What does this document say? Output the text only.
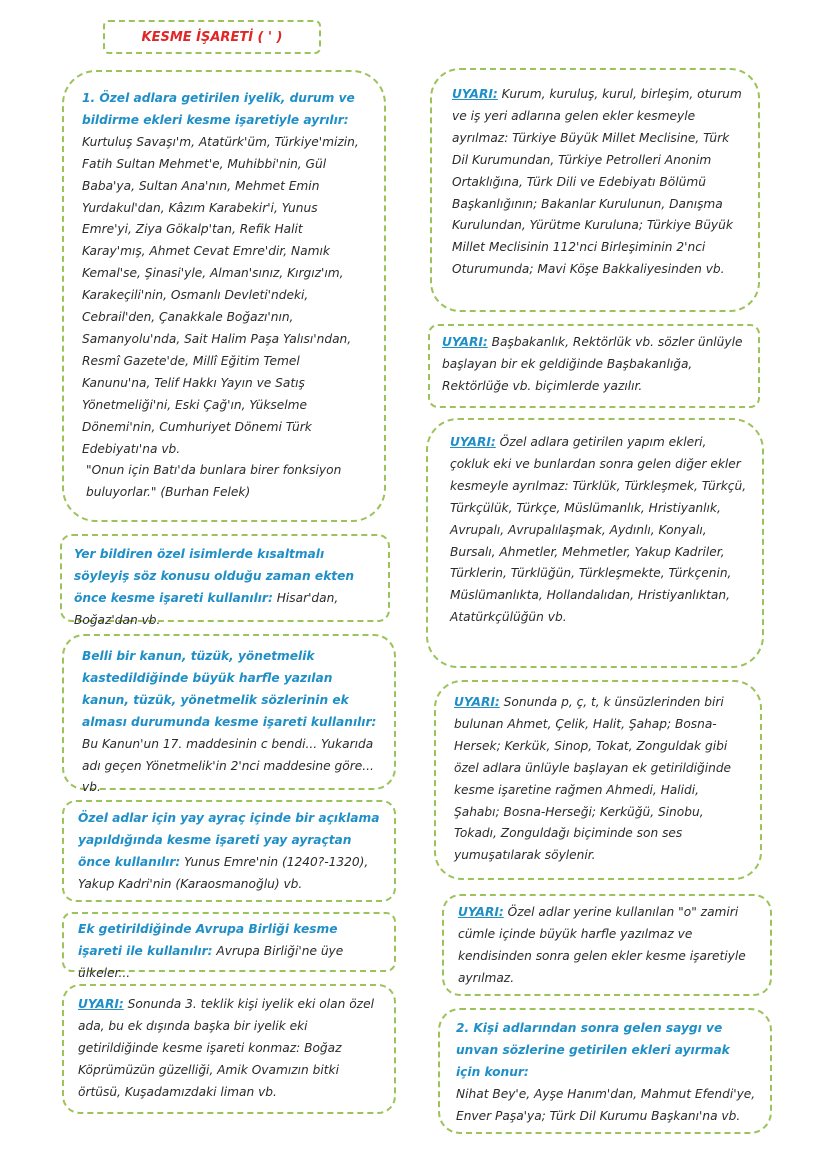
KESME İŞARETİ ( ' )
1. Özel adlara getirilen iyelik, durum ve bildirme ekleri kesme işaretiyle ayrılır: Kurtuluş Savaşı'm, Atatürk'üm, Türkiye'mizin, Fatih Sultan Mehmet'e, Muhibbi'nin, Gül Baba'ya, Sultan Ana'nın, Mehmet Emin Yurdakul'dan, Kâzım Karabekir'i, Yunus Emre'yi, Ziya Gökalp'tan, Refik Halit Karay'mış, Ahmet Cevat Emre'dir, Namık Kemal'se, Şinasi'yle, Alman'sınız, Kırgız'ım, Karakeçili'nin, Osmanlı Devleti'ndeki, Cebrail'den, Çanakkale Boğazı'nın, Samanyolu'nda, Sait Halim Paşa Yalısı'ndan, Resmî Gazete'de, Millî Eğitim Temel Kanunu'na, Telif Hakkı Yayın ve Satış Yönetmeliği'ni, Eski Çağ'ın, Yükselme Dönemi'nin, Cumhuriyet Dönemi Türk Edebiyatı'na vb.
"Onun için Batı'da bunlara birer fonksiyon buluyorlar." (Burhan Felek)
Yer bildiren özel isimlerde kısaltmalı söyleyiş söz konusu olduğu zaman ekten önce kesme işareti kullanılır: Hisar'dan, Boğaz'dan vb.
Belli bir kanun, tüzük, yönetmelik kastedildiğinde büyük harfle yazılan kanun, tüzük, yönetmelik sözlerinin ek alması durumunda kesme işareti kullanılır: Bu Kanun'un 17. maddesinin c bendi... Yukarıda adı geçen Yönetmelik'in 2'nci maddesine göre... vb.
Özel adlar için yay ayraç içinde bir açıklama yapıldığında kesme işareti yay ayraçtan önce kullanılır: Yunus Emre'nin (1240?-1320), Yakup Kadri'nin (Karaosmanoğlu) vb.
Ek getirildiğinde Avrupa Birliği kesme işareti ile kullanılır: Avrupa Birliği'ne üye ülkeler...
UYARI: Sonunda 3. teklik kişi iyelik eki olan özel ada, bu ek dışında başka bir iyelik eki getirildiğinde kesme işareti konmaz: Boğaz Köprümüzün güzelliği, Amik Ovamızın bitki örtüsü, Kuşadamızdaki liman vb.
UYARI: Kurum, kuruluş, kurul, birleşim, oturum ve iş yeri adlarına gelen ekler kesmeyle ayrılmaz: Türkiye Büyük Millet Meclisine, Türk Dil Kurumundan, Türkiye Petrolleri Anonim Ortaklığına, Türk Dili ve Edebiyatı Bölümü Başkanlığının; Bakanlar Kurulunun, Danışma Kurulundan, Yürütme Kuruluna; Türkiye Büyük Millet Meclisinin 112'nci Birleşiminin 2'nci Oturumunda; Mavi Köşe Bakkaliyesinden vb.
UYARI: Başbakanlık, Rektörlük vb. sözler ünlüyle başlayan bir ek geldiğinde Başbakanlığa, Rektörlüğe vb. biçimlerde yazılır.
UYARI: Özel adlara getirilen yapım ekleri, çokluk eki ve bunlardan sonra gelen diğer ekler kesmeyle ayrılmaz: Türklük, Türkleşmek, Türkçü, Türkçülük, Türkçe, Müslümanlık, Hristiyanlık, Avrupalı, Avrupalılaşmak, Aydınlı, Konyalı, Bursalı, Ahmetler, Mehmetler, Yakup Kadriler, Türklerin, Türklüğün, Türkleşmekte, Türkçenin, Müslümanlıkta, Hollandalıdan, Hristiyanlıktan, Atatürkçülüğün vb.
UYARI: Sonunda p, ç, t, k ünsüzlerinden biri bulunan Ahmet, Çelik, Halit, Şahap; Bosna-Hersek; Kerkük, Sinop, Tokat, Zonguldak gibi özel adlara ünlüyle başlayan ek getirildiğinde kesme işaretine rağmen Ahmedi, Halidi, Şahabı; Bosna-Herseği; Kerküğü, Sinobu, Tokadı, Zonguldağı biçiminde son ses yumuşatılarak söylenir.
UYARI: Özel adlar yerine kullanılan "o" zamiri cümle içinde büyük harfle yazılmaz ve kendisinden sonra gelen ekler kesme işaretiyle ayrılmaz.
2. Kişi adlarından sonra gelen saygı ve unvan sözlerine getirilen ekleri ayırmak için konur:
Nihat Bey'e, Ayşe Hanım'dan, Mahmut Efendi'ye, Enver Paşa'ya; Türk Dil Kurumu Başkanı'na vb.
